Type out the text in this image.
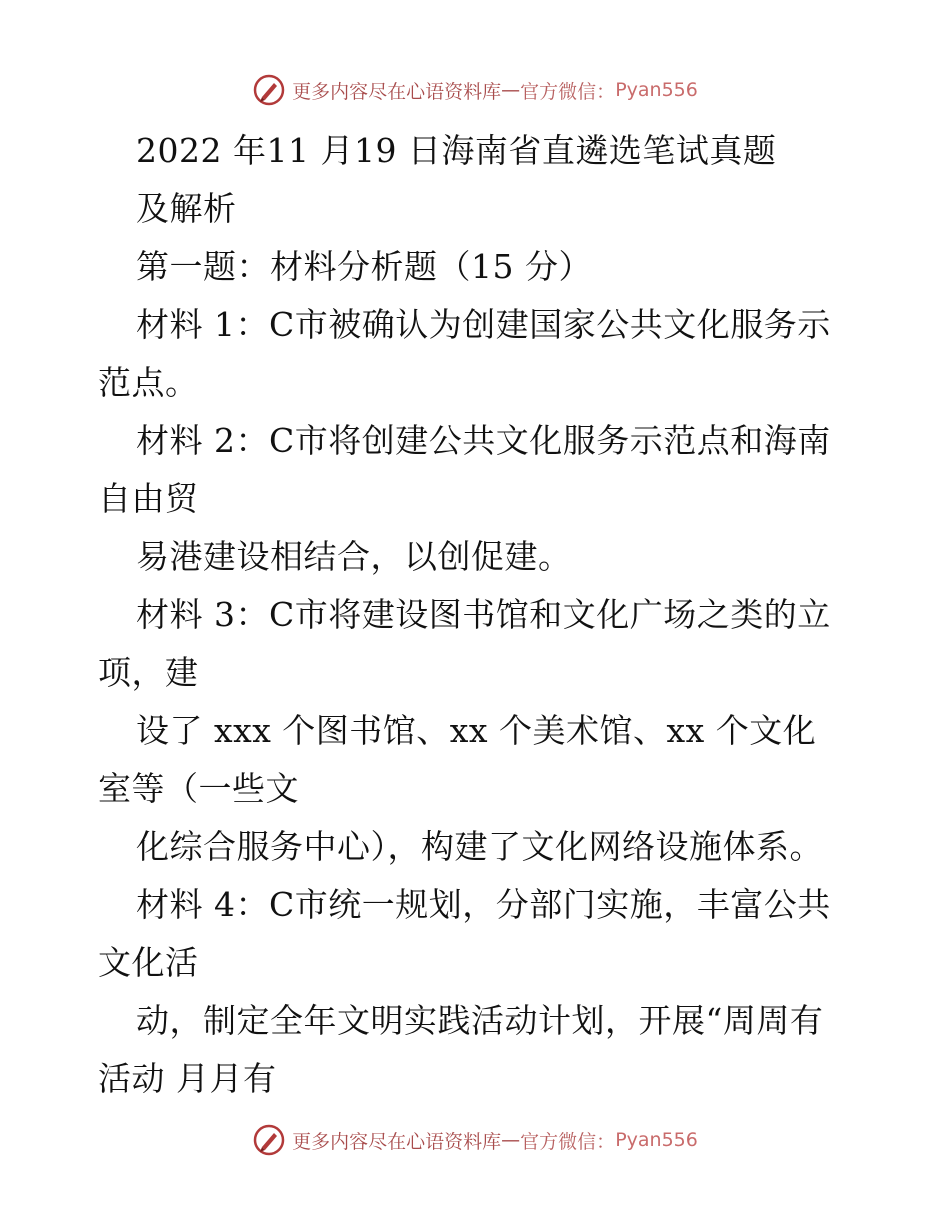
更多内容尽在心语资料库 — 官方微信： Pyan556
2022 年11 月19 日海南省直遴选笔试真题
及解析
第一题：材料分析题（15 分）
材料 1：C市被确认为创建国家公共文化服务示
范点。
材料 2：C市将创建公共文化服务示范点和海南
自由贸
易港建设相结合，以创促建。
材料 3：C市将建设图书馆和文化广场之类的立
项，建
设了 xxx 个图书馆、xx 个美术馆、xx 个文化
室等（一些文
化综合服务中心），构建了文化网络设施体系。
材料 4：C市统一规划，分部门实施，丰富公共
文化活
动，制定全年文明实践活动计划，开展“周周有
活动 月月有
更多内容尽在心语资料库 — 官方微信： Pyan556
